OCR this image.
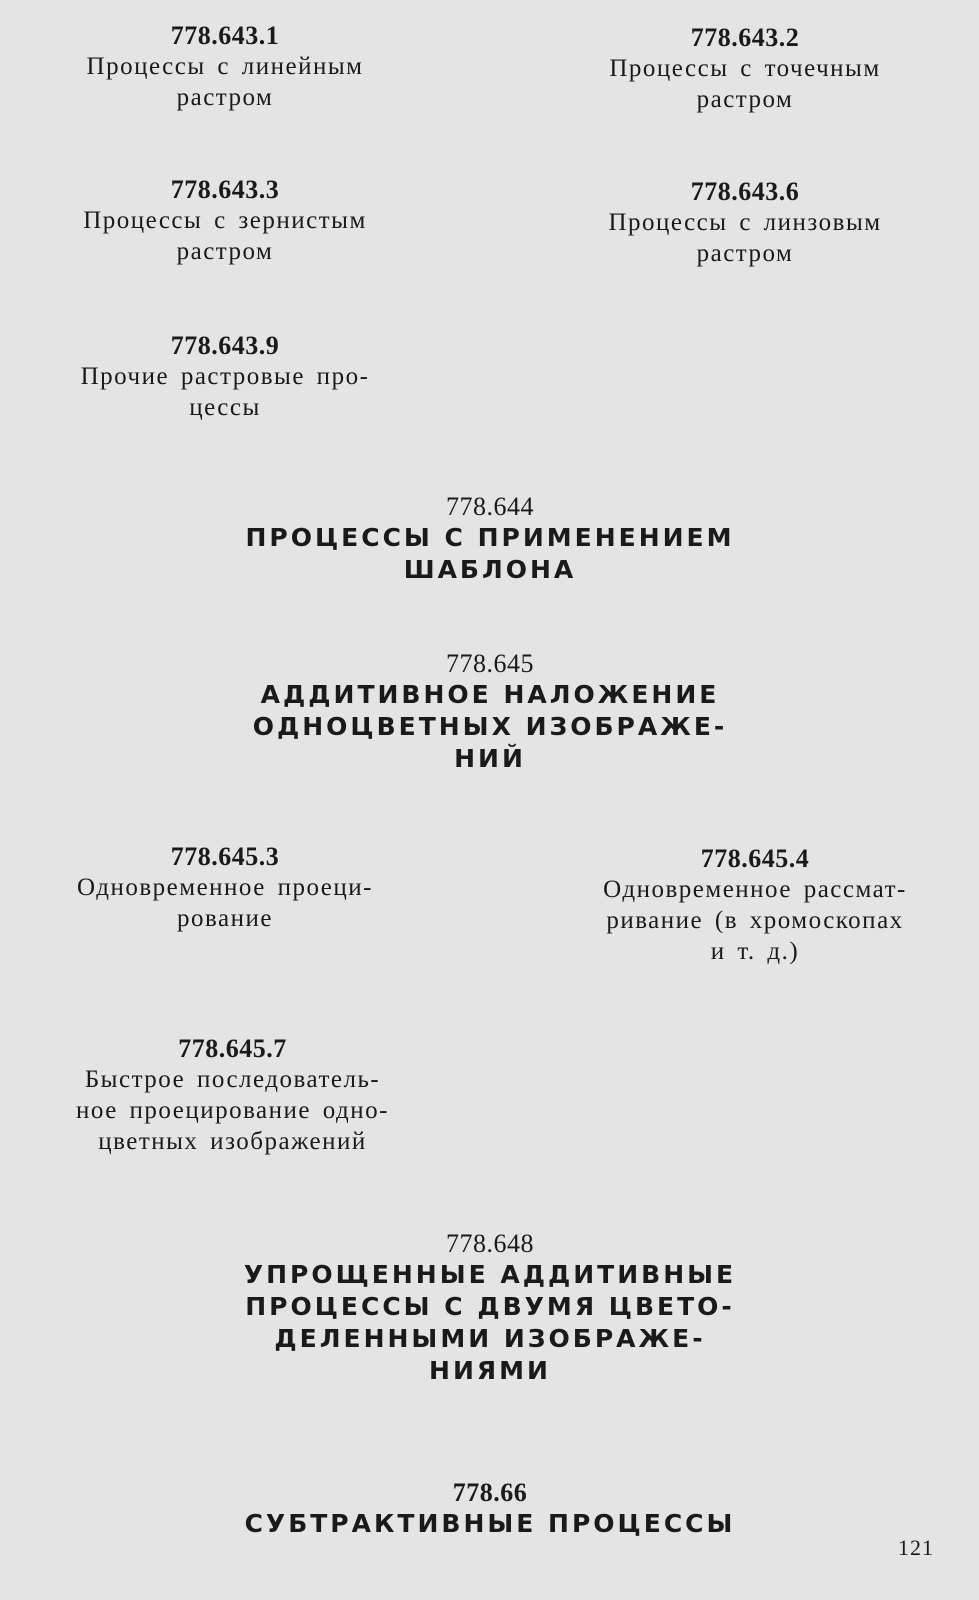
778.643.1
Процессы с линейным
растром
778.643.2
Процессы с точечным
растром
778.643.3
Процессы с зернистым
растром
778.643.6
Процессы с линзовым
растром
778.643.9
Прочие растровые про-
цессы
778.644
ПРОЦЕССЫ С ПРИМЕНЕНИЕМ
ШАБЛОНА
778.645
АДДИТИВНОЕ НАЛОЖЕНИЕ
ОДНОЦВЕТНЫХ ИЗОБРАЖЕ-
НИЙ
778.645.3
Одновременное проеци-
рование
778.645.4
Одновременное рассмат-
ривание (в хромоскопах
и т. д.)
778.645.7
Быстрое последователь-
ное проецирование одно-
цветных изображений
778.648
УПРОЩЕННЫЕ АДДИТИВНЫЕ
ПРОЦЕССЫ С ДВУМЯ ЦВЕТО-
ДЕЛЕННЫМИ ИЗОБРАЖЕ-
НИЯМИ
778.66
СУБТРАКТИВНЫЕ ПРОЦЕССЫ
121
